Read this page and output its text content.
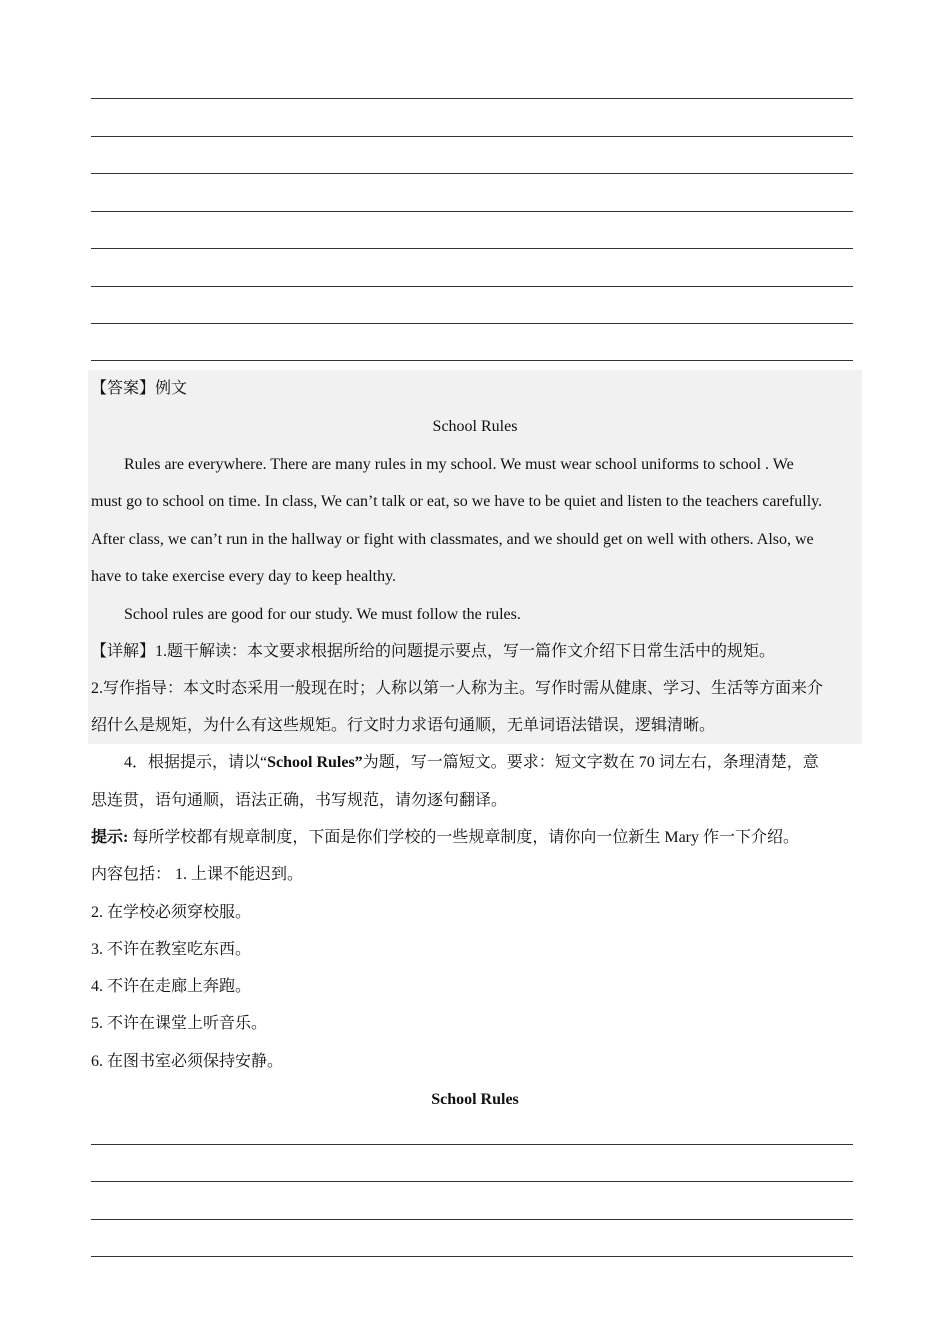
【答案】例文
School Rules
Rules are everywhere. There are many rules in my school. We must wear school uniforms to school . We
must go to school on time. In class, We can’t talk or eat, so we have to be quiet and listen to the teachers carefully.
After class, we can’t run in the hallway or fight with classmates, and we should get on well with others. Also, we
have to take exercise every day to keep healthy.
School rules are good for our study. We must follow the rules.
【详解】1.题干解读：本文要求根据所给的问题提示要点，写一篇作文介绍下日常生活中的规矩。
2.写作指导：本文时态采用一般现在时；人称以第一人称为主。写作时需从健康、学习、生活等方面来介
绍什么是规矩，为什么有这些规矩。行文时力求语句通顺，无单词语法错误，逻辑清晰。
4．根据提示，请以“School Rules”为题，写一篇短文。要求：短文字数在 70 词左右，条理清楚，意
思连贯，语句通顺，语法正确，书写规范，请勿逐句翻译。
提示: 每所学校都有规章制度，下面是你们学校的一些规章制度，请你向一位新生 Mary 作一下介绍。
内容包括： 1. 上课不能迟到。
2. 在学校必须穿校服。
3. 不许在教室吃东西。
4. 不许在走廊上奔跑。
5. 不许在课堂上听音乐。
6. 在图书室必须保持安静。
School Rules
